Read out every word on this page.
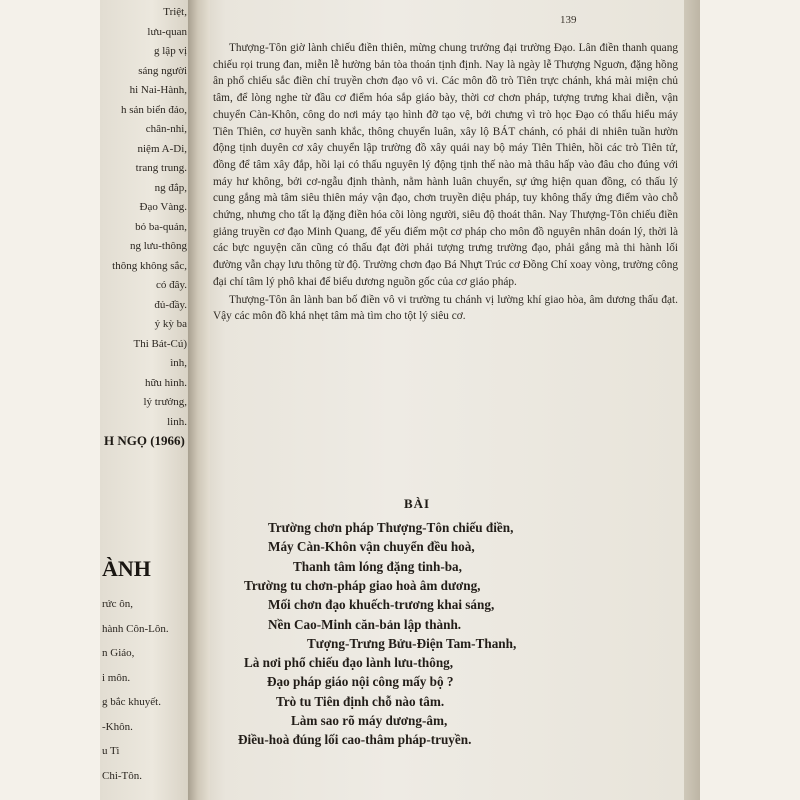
Triệt,
lưu-quan
g lập vị
sáng người
hi Nai-Hành,
h sản biển đảo,
chân-nhi,
niệm A-Di,
trang trung.
ng đắp,
Đạo Vàng.
bỏ ba-quản,
ng lưu-thông
thông không sắc,
có đây.
đủ-đầy.
ý kỳ ba
Thi Bát-Cú)
ình,
hữu hình.
lý trưởng,
linh.
H NGỌ (1966)
ÀNH
rức ôn,
hành Côn-Lôn.
n Giáo,
i môn.
g bắc khuyết.
-Khôn.
u Ti
Chi-Tôn.
139

Thượng-Tôn giờ lành chiếu điền thiên, mừng chung trưởng đại trường Đạo. Lân điền thanh quang chiếu rọi trung đan, miễn lễ hường bản tòa thoán tịnh định. Nay là ngày lễ Thượng Nguơn, đặng hồng ân phổ chiếu sắc điền chỉ truyền chơn đạo vô vi. Các môn đồ trò Tiên trực chánh, khá mài miện chủ tâm, để lòng nghe từ đầu cơ điểm hóa sắp giáo bày, thời cơ chơn pháp, tượng trưng khai diễn, vận chuyển Càn-Khôn, công do nơi máy tạo hình đỡ tạo vệ, bởi chưng vì trò học Đạo có thấu hiểu máy Tiên Thiên, cơ huyền sanh khắc, thông chuyển luân, xây lộ BÁT chánh, có phải di nhiên tuần hườn động tịnh duyên cơ xây chuyển lập trường đồ xây quái nay bộ máy Tiên Thiên, hồi các trò Tiên tử, đồng để tâm xây đắp, hồi lại có thấu nguyên lý động tịnh thế nào mà thâu hấp vào đâu cho đúng với máy hư không, bởi cơ-ngẫu định thành, nằm hành luân chuyển, sự ứng hiện quan đồng, có thấu lý cung gắng mà tâm siêu thiên máy vận đạo, chơn truyền diệu pháp, tuy không thấy ứng điểm vào chỗ chứng, nhưng cho tất lạ đặng điền hóa cõi lòng người, siêu độ thoát thân. Nay Thượng-Tôn chiếu điền giảng truyền cơ đạo Minh Quang, để yếu điểm một cơ pháp cho môn đồ nguyên nhân doán lý, thời là các bực nguyện căn cũng có thấu đạt đời phải tượng trưng trường đạo, phải gắng mà thi hành lối đường vẫn chạy lưu thông từ độ. Trường chơn đạo Bá Nhựt Trúc cơ Đồng Chí xoay vòng, trường công đại chí tâm lý phô khai để biểu dương nguồn gốc của cơ giáo pháp.

Thượng-Tôn ân lành ban bố điền vô vi trường tu chánh vị lường khí giao hòa, âm dương thấu đạt. Vậy các môn đồ khá nhẹt tâm mà tìm cho tột lý siêu cơ.

BÀI
Trường chơn pháp Thượng-Tôn chiếu điền,
Máy Càn-Khôn vận chuyển đều hoà,
Thanh tâm lóng đặng tinh-ba,
Trường tu chơn-pháp giao hoà âm dương,
Mối chơn đạo khuếch-trương khai sáng,
Nền Cao-Minh căn-bản lập thành.
Tượng-Trưng Bửu-Điện Tam-Thanh,
Là nơi phổ chiếu đạo lành lưu-thông,
Đạo pháp giáo nội công mấy bộ ?
Trò tu Tiên định chỗ nào tâm.
Làm sao rõ máy dương-âm,
Điều-hoà đúng lối cao-thâm pháp-truyền.
